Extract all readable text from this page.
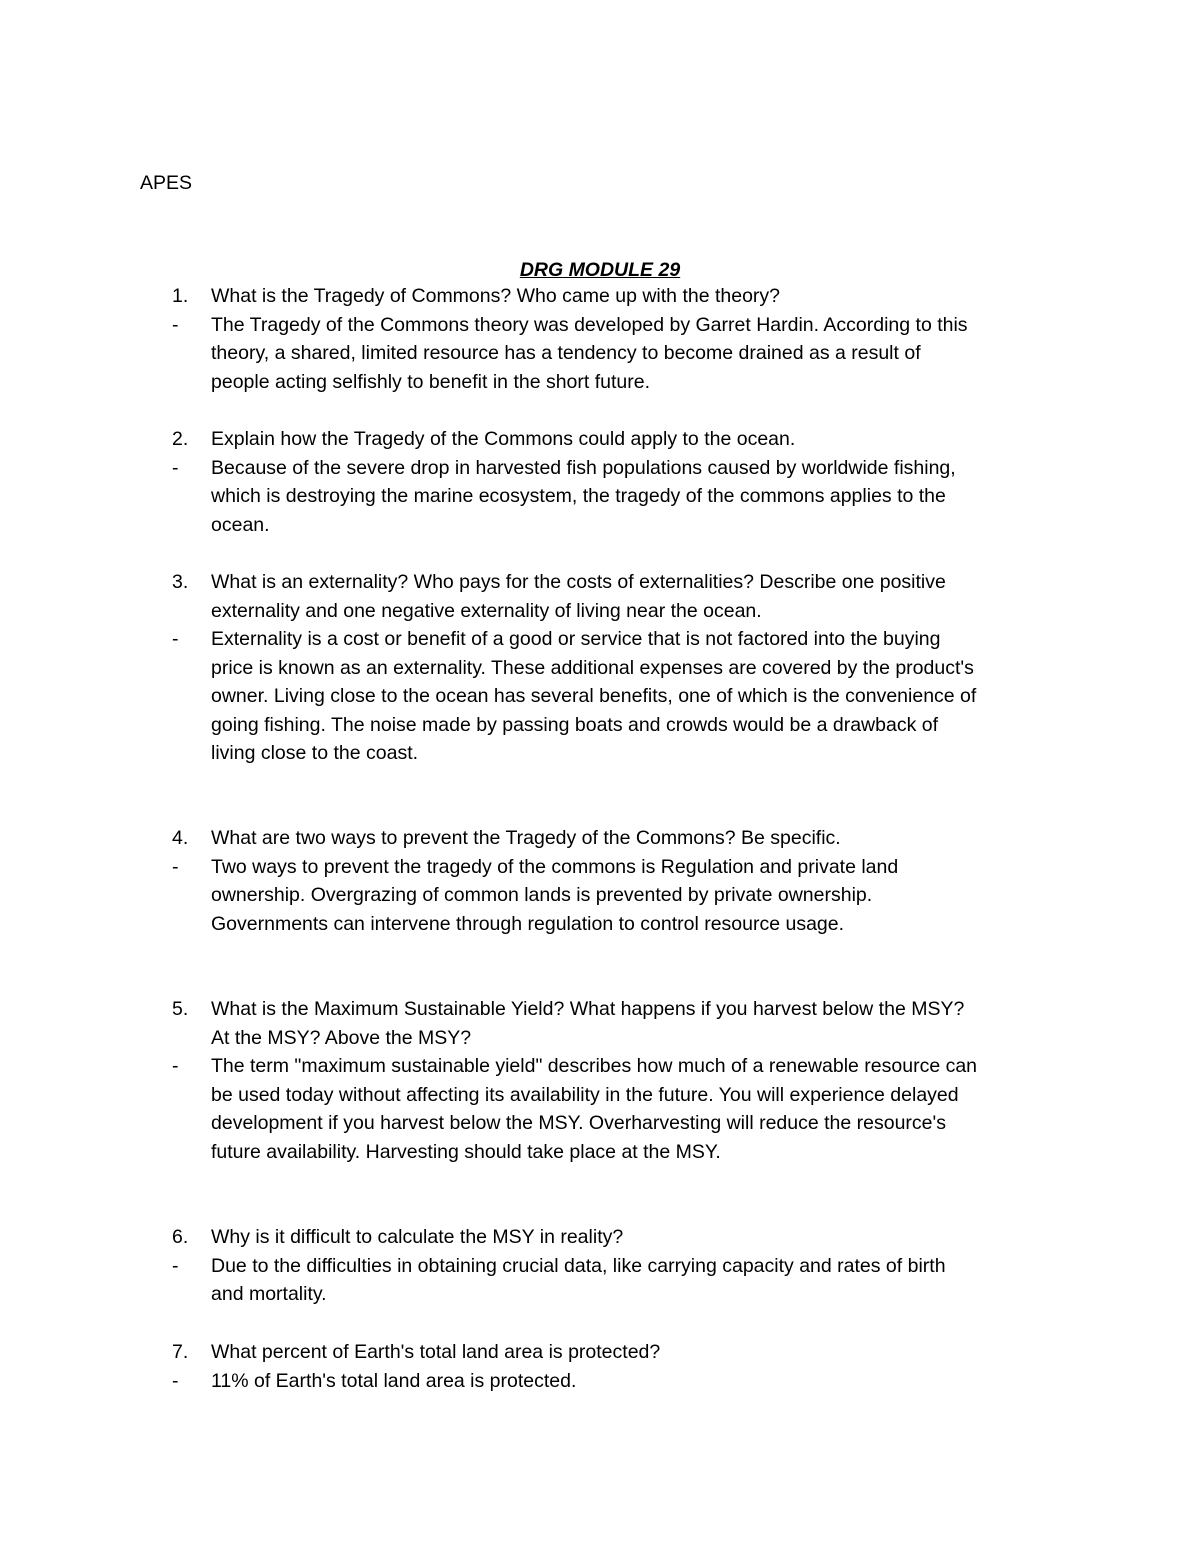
APES
DRG MODULE 29
1.	What is the Tragedy of Commons? Who came up with the theory?
-	The Tragedy of the Commons theory was developed by Garret Hardin. According to this
theory, a shared, limited resource has a tendency to become drained as a result of
people acting selfishly to benefit in the short future.
2.	Explain how the Tragedy of the Commons could apply to the ocean.
-	Because of the severe drop in harvested fish populations caused by worldwide fishing,
which is destroying the marine ecosystem, the tragedy of the commons applies to the
ocean.
3.	What is an externality? Who pays for the costs of externalities? Describe one positive
externality and one negative externality of living near the ocean.
-	Externality is a cost or benefit of a good or service that is not factored into the buying
price is known as an externality. These additional expenses are covered by the product's
owner. Living close to the ocean has several benefits, one of which is the convenience of
going fishing. The noise made by passing boats and crowds would be a drawback of
living close to the coast.
4.	What are two ways to prevent the Tragedy of the Commons? Be specific.
-	Two ways to prevent the tragedy of the commons is Regulation and private land
ownership. Overgrazing of common lands is prevented by private ownership.
Governments can intervene through regulation to control resource usage.
5.	What is the Maximum Sustainable Yield? What happens if you harvest below the MSY?
At the MSY? Above the MSY?
-	The term "maximum sustainable yield" describes how much of a renewable resource can
be used today without affecting its availability in the future. You will experience delayed
development if you harvest below the MSY. Overharvesting will reduce the resource's
future availability. Harvesting should take place at the MSY.
6.	Why is it difficult to calculate the MSY in reality?
-	Due to the difficulties in obtaining crucial data, like carrying capacity and rates of birth
and mortality.
7.	What percent of Earth's total land area is protected?
-	11% of Earth's total land area is protected.
